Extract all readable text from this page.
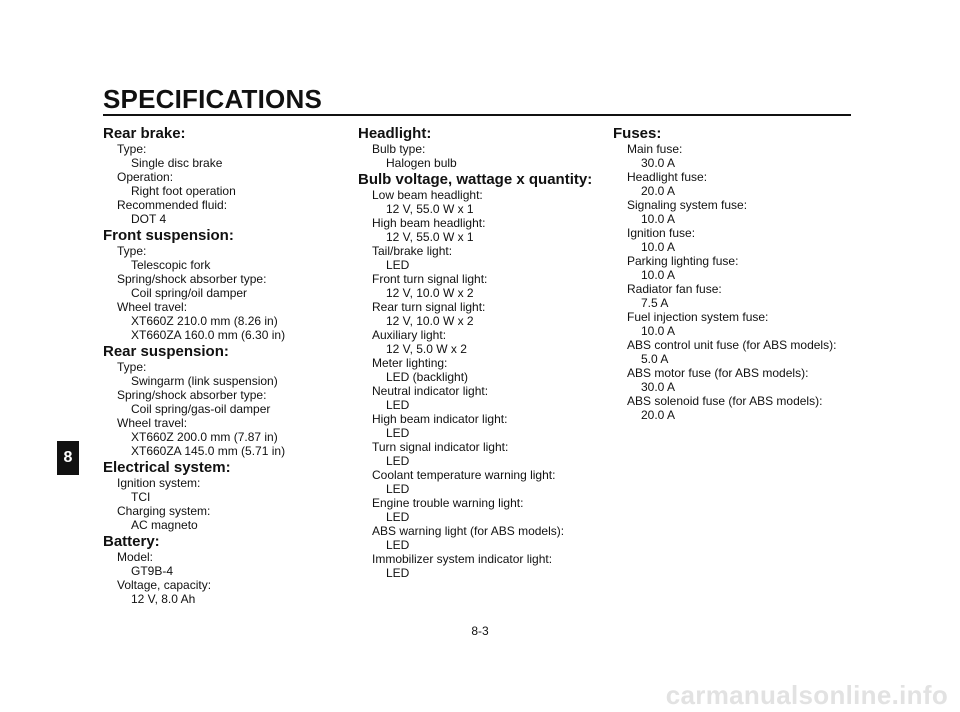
SPECIFICATIONS
Rear brake:
Type:
Single disc brake
Operation:
Right foot operation
Recommended fluid:
DOT 4
Front suspension:
Type:
Telescopic fork
Spring/shock absorber type:
Coil spring/oil damper
Wheel travel:
XT660Z 210.0 mm (8.26 in)
XT660ZA 160.0 mm (6.30 in)
Rear suspension:
Type:
Swingarm (link suspension)
Spring/shock absorber type:
Coil spring/gas-oil damper
Wheel travel:
XT660Z 200.0 mm (7.87 in)
XT660ZA 145.0 mm (5.71 in)
Electrical system:
Ignition system:
TCI
Charging system:
AC magneto
Battery:
Model:
GT9B-4
Voltage, capacity:
12 V, 8.0 Ah
Headlight:
Bulb type:
Halogen bulb
Bulb voltage, wattage x quantity:
Low beam headlight:
12 V, 55.0 W x 1
High beam headlight:
12 V, 55.0 W x 1
Tail/brake light:
LED
Front turn signal light:
12 V, 10.0 W x 2
Rear turn signal light:
12 V, 10.0 W x 2
Auxiliary light:
12 V, 5.0 W x 2
Meter lighting:
LED (backlight)
Neutral indicator light:
LED
High beam indicator light:
LED
Turn signal indicator light:
LED
Coolant temperature warning light:
LED
Engine trouble warning light:
LED
ABS warning light (for ABS models):
LED
Immobilizer system indicator light:
LED
Fuses:
Main fuse:
30.0 A
Headlight fuse:
20.0 A
Signaling system fuse:
10.0 A
Ignition fuse:
10.0 A
Parking lighting fuse:
10.0 A
Radiator fan fuse:
7.5 A
Fuel injection system fuse:
10.0 A
ABS control unit fuse (for ABS models):
5.0 A
ABS motor fuse (for ABS models):
30.0 A
ABS solenoid fuse (for ABS models):
20.0 A
8
8-3
carmanualsonline.info
